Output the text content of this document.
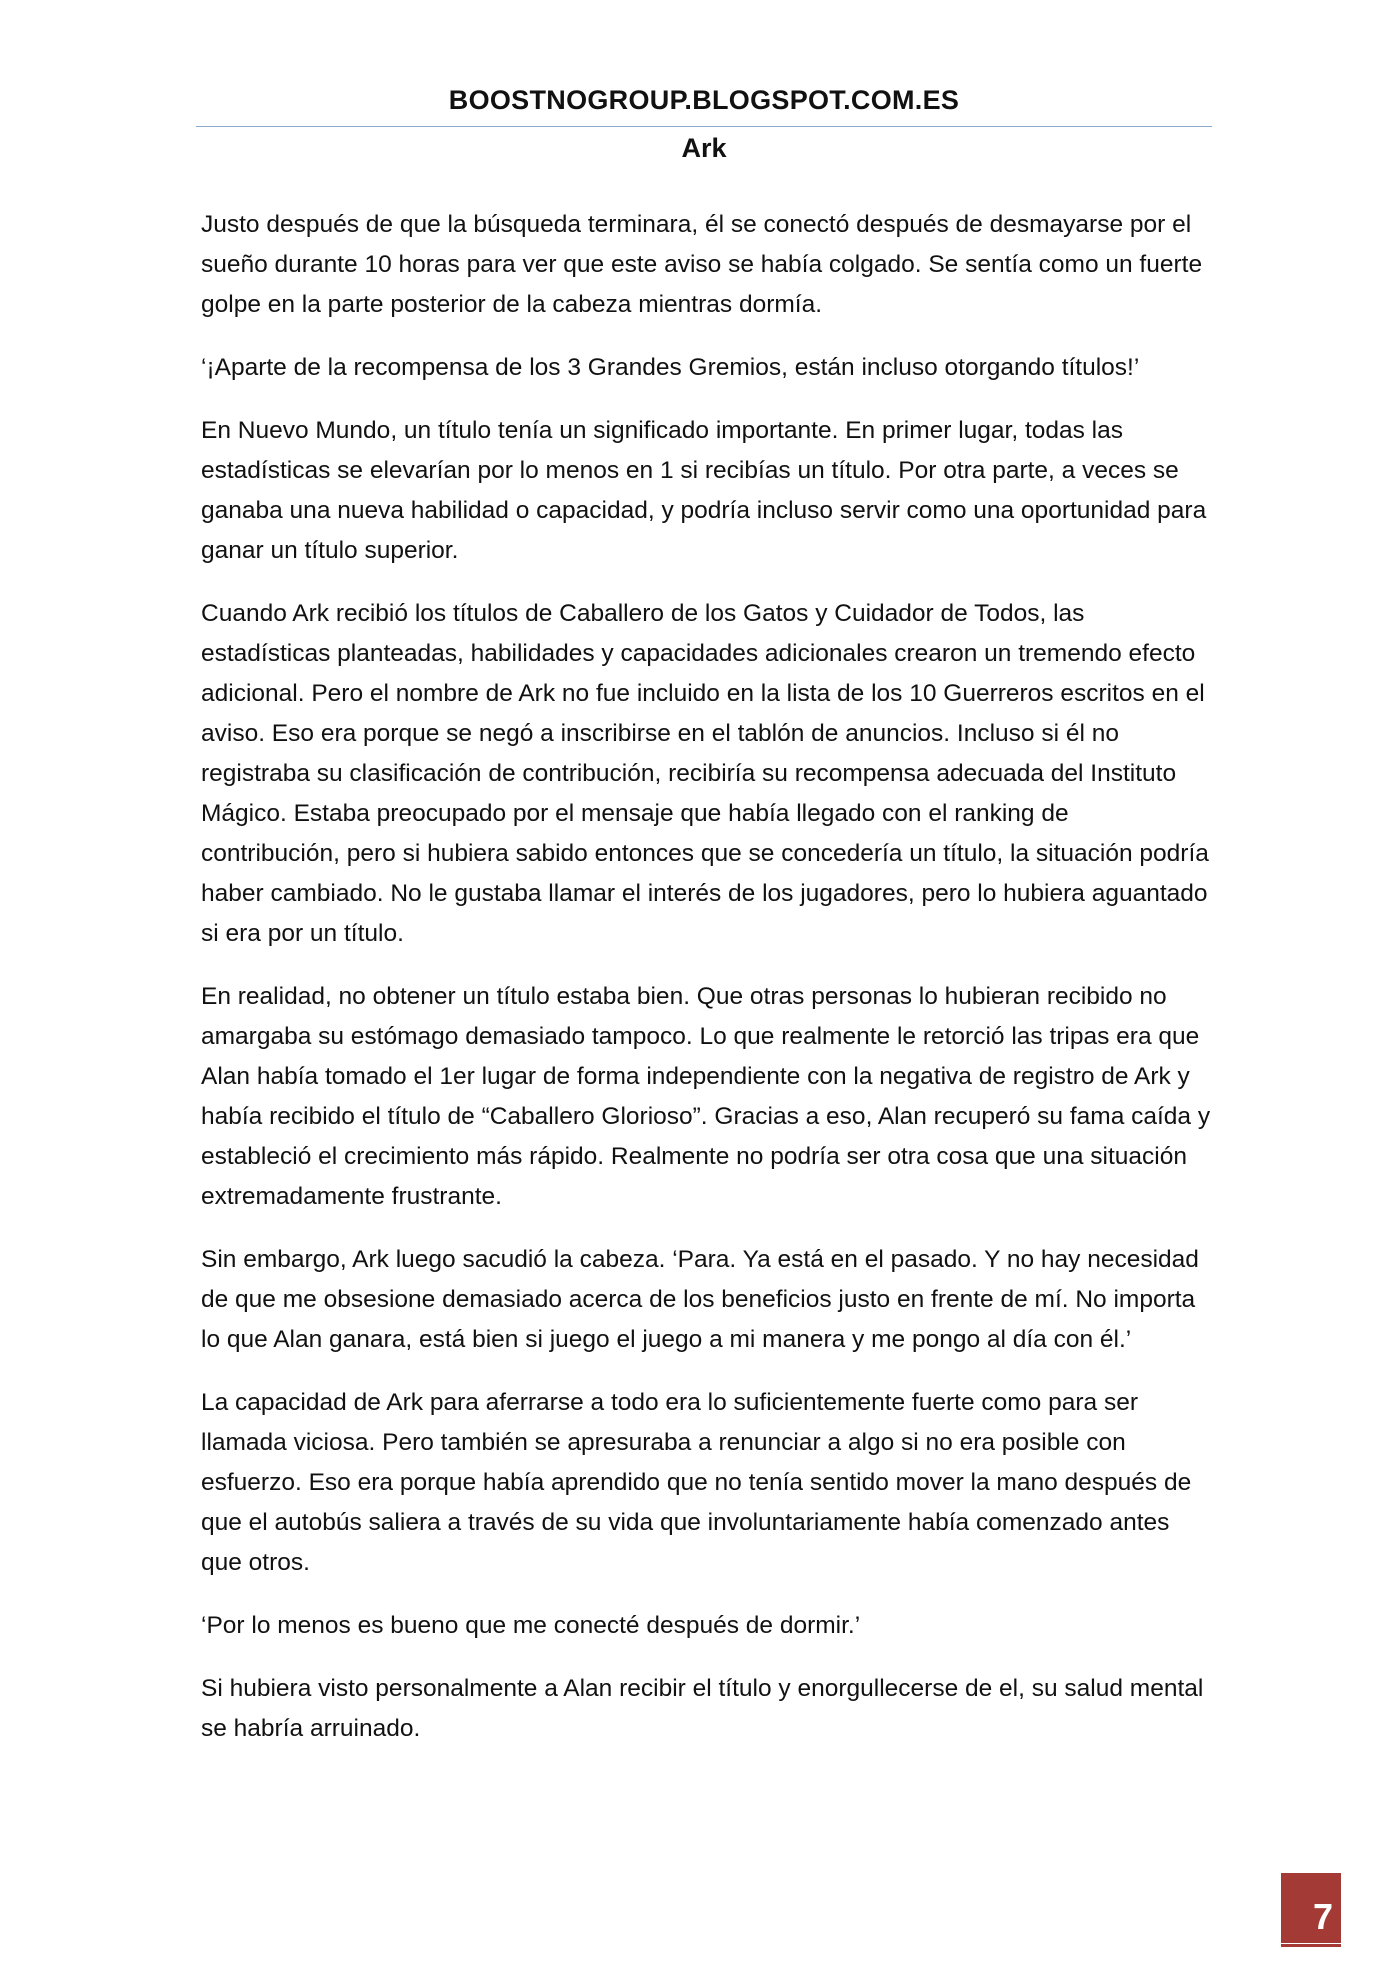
BOOSTNOGROUP.BLOGSPOT.COM.ES
Ark

Justo después de que la búsqueda terminara, él se conectó después de desmayarse por el sueño durante 10 horas para ver que este aviso se había colgado. Se sentía como un fuerte golpe en la parte posterior de la cabeza mientras dormía.

‘¡Aparte de la recompensa de los 3 Grandes Gremios, están incluso otorgando títulos!’

En Nuevo Mundo, un título tenía un significado importante. En primer lugar, todas las estadísticas se elevarían por lo menos en 1 si recibías un título. Por otra parte, a veces se ganaba una nueva habilidad o capacidad, y podría incluso servir como una oportunidad para ganar un título superior.

Cuando Ark recibió los títulos de Caballero de los Gatos y Cuidador de Todos, las estadísticas planteadas, habilidades y capacidades adicionales crearon un tremendo efecto adicional. Pero el nombre de Ark no fue incluido en la lista de los 10 Guerreros escritos en el aviso. Eso era porque se negó a inscribirse en el tablón de anuncios. Incluso si él no registraba su clasificación de contribución, recibiría su recompensa adecuada del Instituto Mágico. Estaba preocupado por el mensaje que había llegado con el ranking de contribución, pero si hubiera sabido entonces que se concedería un título, la situación podría haber cambiado. No le gustaba llamar el interés de los jugadores, pero lo hubiera aguantado si era por un título.

En realidad, no obtener un título estaba bien. Que otras personas lo hubieran recibido no amargaba su estómago demasiado tampoco. Lo que realmente le retorció las tripas era que Alan había tomado el 1er lugar de forma independiente con la negativa de registro de Ark y había recibido el título de “Caballero Glorioso”. Gracias a eso, Alan recuperó su fama caída y estableció el crecimiento más rápido. Realmente no podría ser otra cosa que una situación extremadamente frustrante.

Sin embargo, Ark luego sacudió la cabeza. ‘Para. Ya está en el pasado. Y no hay necesidad de que me obsesione demasiado acerca de los beneficios justo en frente de mí. No importa lo que Alan ganara, está bien si juego el juego a mi manera y me pongo al día con él.’

La capacidad de Ark para aferrarse a todo era lo suficientemente fuerte como para ser llamada viciosa. Pero también se apresuraba a renunciar a algo si no era posible con esfuerzo. Eso era porque había aprendido que no tenía sentido mover la mano después de que el autobús saliera a través de su vida que involuntariamente había comenzado antes que otros.

‘Por lo menos es bueno que me conecté después de dormir.’

Si hubiera visto personalmente a Alan recibir el título y enorgullecerse de el, su salud mental se habría arruinado.

7
